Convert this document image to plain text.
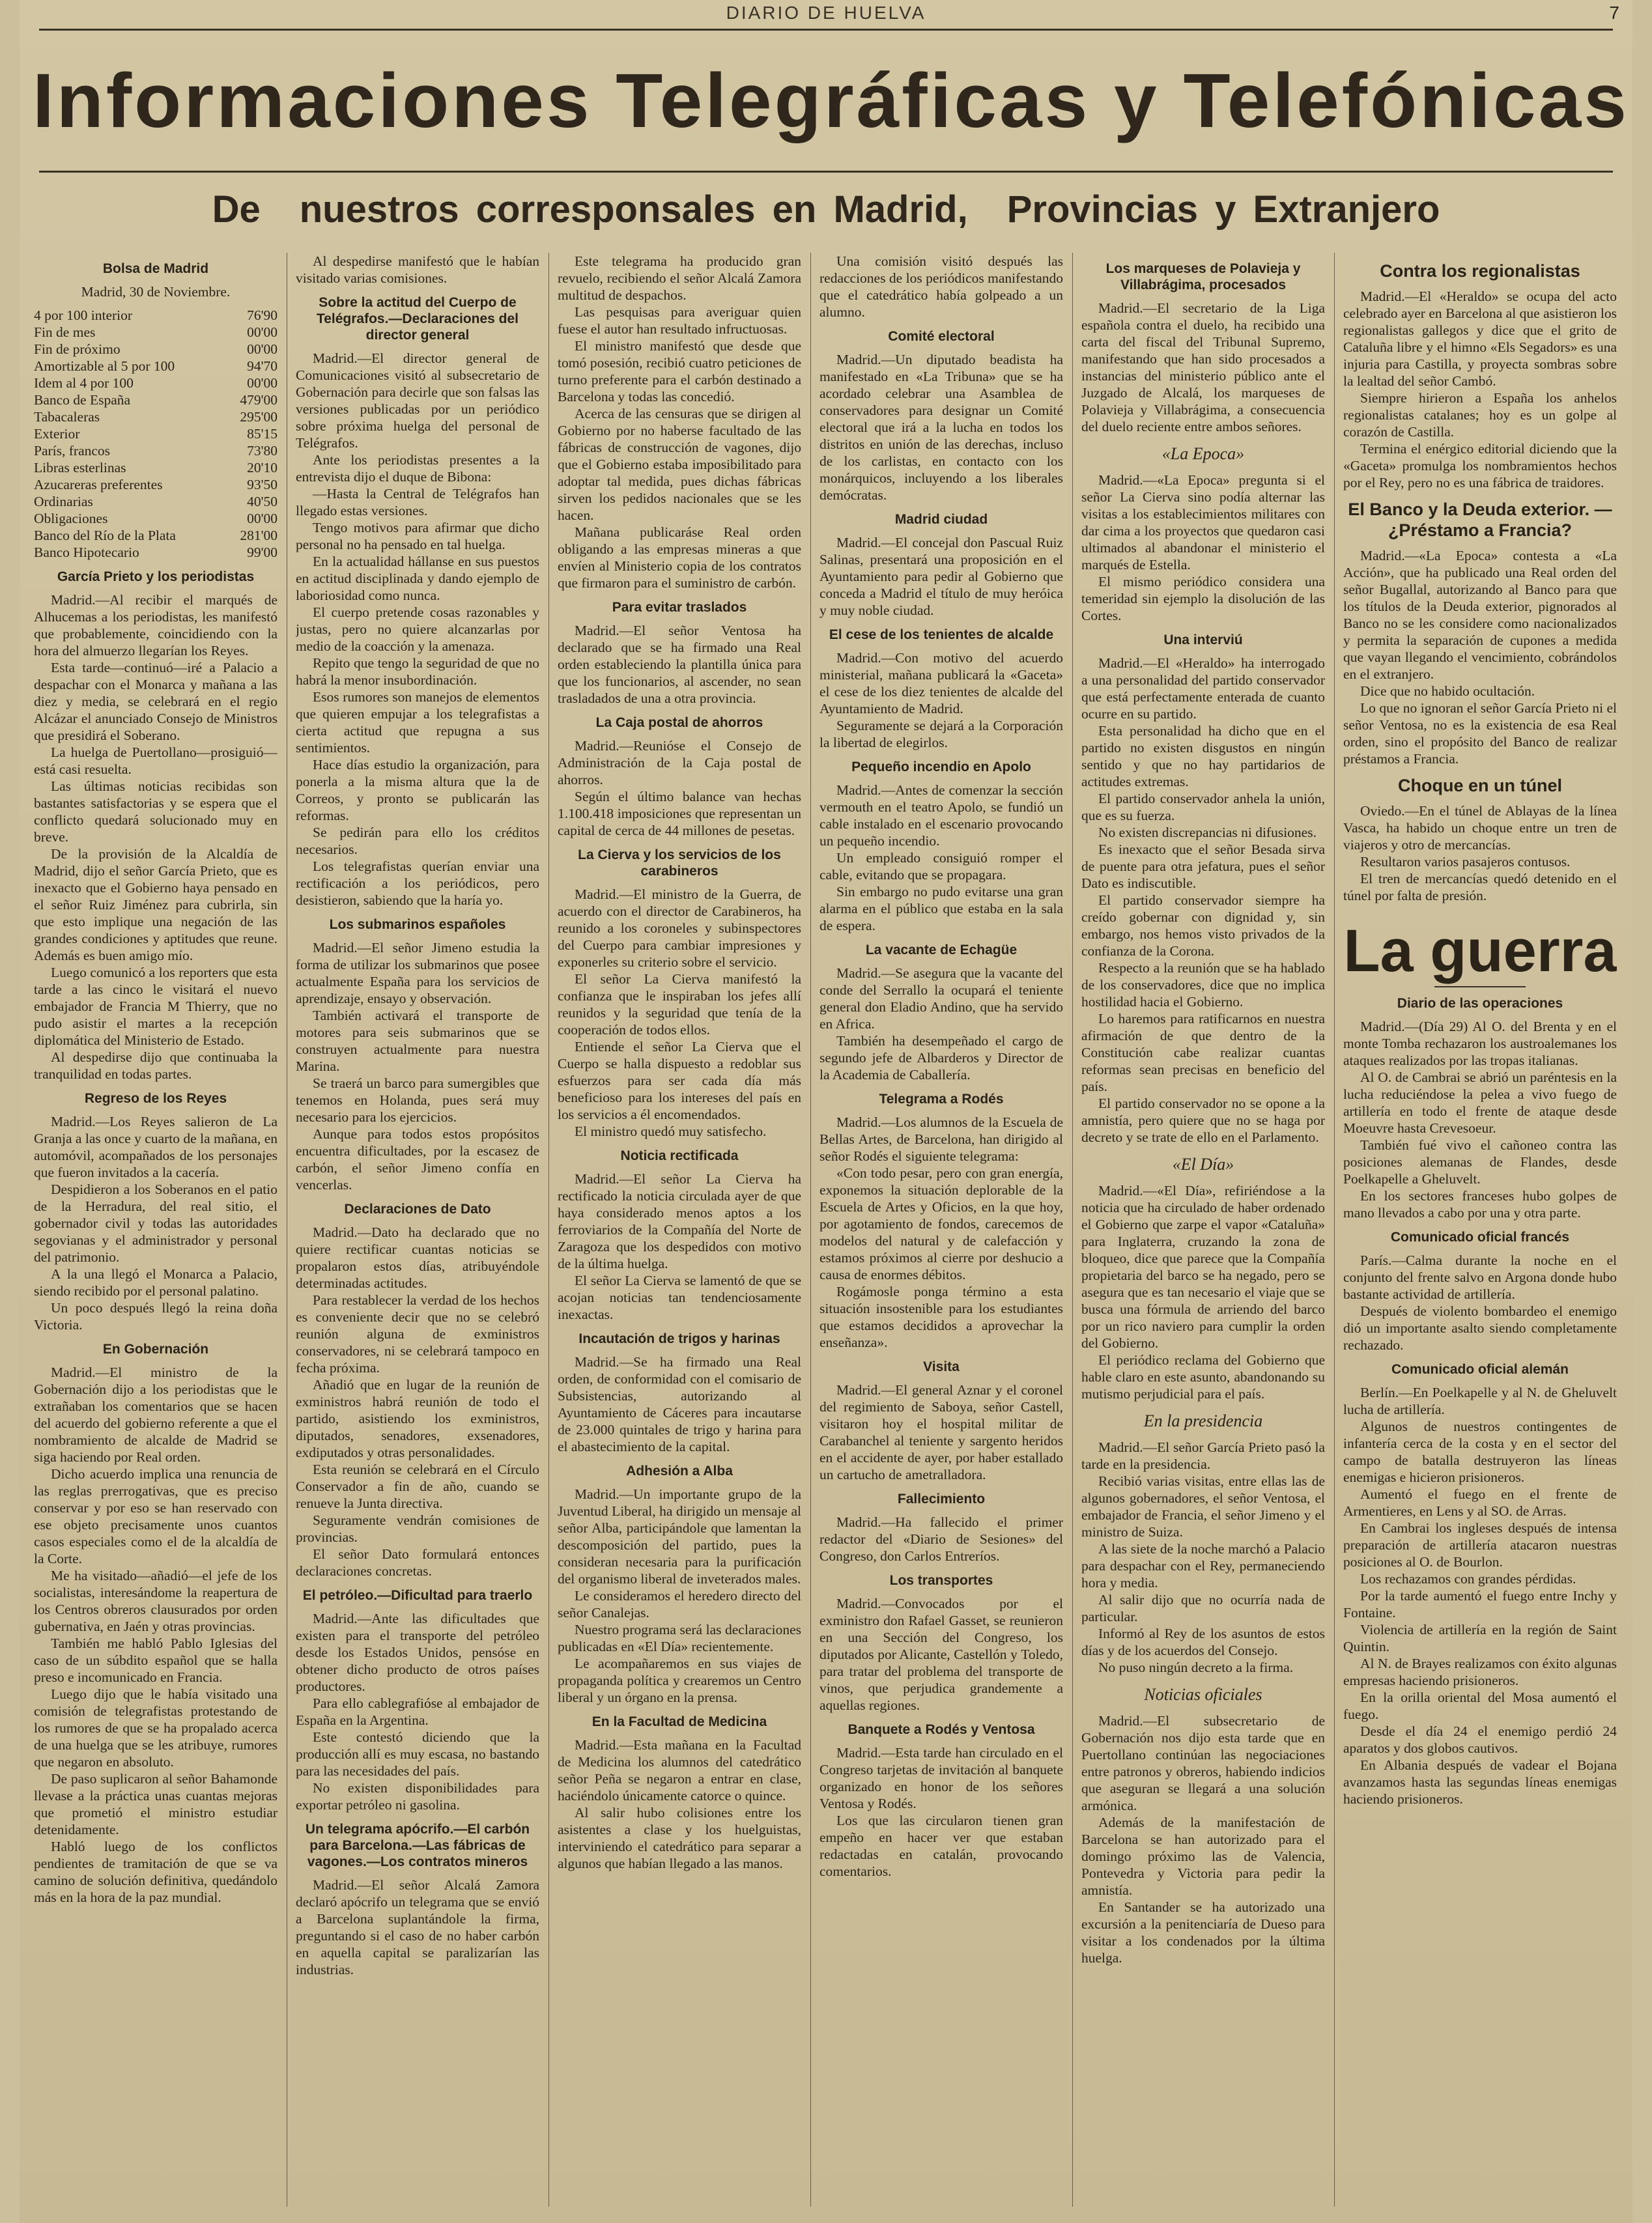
DIARIO DE HUELVA	7
Informaciones Telegráficas y Telefónicas
De nuestros corresponsales en Madrid, Provincias y Extranjero
Bolsa de Madrid
Madrid, 30 de Noviembre.
4 por 100 interior	76'90
Fin de mes	00'00
Fin de próximo	00'00
Amortizable al 5 por 100	94'70
Idem al 4 por 100	00'00
Banco de España	479'00
Tabacaleras	295'00
Exterior	85'15
París, francos	73'80
Libras esterlinas	20'10
Azucareras preferentes	93'50
Ordinarias	40'50
Obligaciones	00'00
Banco del Río de la Plata	281'00
Banco Hipotecario	99'00
García Prieto y los periodistas

Madrid.—Al recibir el marqués de Alhucemas a los periodistas, les manifestó que probablemente, coincidiendo con la hora del almuerzo llegarían los Reyes.

Esta tarde—continuó—iré a Palacio a despachar con el Monarca y mañana a las diez y media, se celebrará en el regio Alcázar el anunciado Consejo de Ministros que presidirá el Soberano.

La huelga de Puertollano—prosiguió—está casi resuelta.

Las últimas noticias recibidas son bastantes satisfactorias y se espera que el conflicto quedará solucionado muy en breve.

De la provisión de la Alcaldía de Madrid, dijo el señor García Prieto, que es inexacto que el Gobierno haya pensado en el señor Ruiz Jiménez para cubrirla, sin que esto implique una negación de las grandes condiciones y aptitudes que reune. Además es buen amigo mío.

Luego comunicó a los reporters que esta tarde a las cinco le visitará el nuevo embajador de Francia M Thierry, que no pudo asistir el martes a la recepción diplomática del Ministerio de Estado.

Al despedirse dijo que continuaba la tranquilidad en todas partes.

Regreso de los Reyes

Madrid.—Los Reyes salieron de La Granja a las once y cuarto de la mañana, en automóvil, acompañados de los personajes que fueron invitados a la cacería.

Despidieron a los Soberanos en el patio de la Herradura, del real sitio, el gobernador civil y todas las autoridades segovianas y el administrador y personal del patrimonio.

A la una llegó el Monarca a Palacio, siendo recibido por el personal palatino.

Un poco después llegó la reina doña Victoria.

En Gobernación

Madrid.—El ministro de la Gobernación dijo a los periodistas que le extrañaban los comentarios que se hacen del acuerdo del gobierno referente a que el nombramiento de alcalde de Madrid se siga haciendo por Real orden.

Dicho acuerdo implica una renuncia de las reglas prerrogativas, que es preciso conservar y por eso se han reservado con ese objeto precisamente unos cuantos casos especiales como el de la alcaldía de la Corte.

Me ha visitado—añadió—el jefe de los socialistas, interesándome la reapertura de los Centros obreros clausurados por orden gubernativa, en Jaén y otras provincias.

También me habló Pablo Iglesias del caso de un súbdito español que se halla preso e incomunicado en Francia.

Luego dijo que le había visitado una comisión de telegrafistas protestando de los rumores de que se ha propalado acerca de una huelga que se les atribuye, rumores que negaron en absoluto.

De paso suplicaron al señor Bahamonde llevase a la práctica unas cuantas mejoras que prometió el ministro estudiar detenidamente.

Habló luego de los conflictos pendientes de tramitación de que se va camino de solución definitiva, quedándolo más en la hora de la paz mundial.

Al despedirse manifestó que le habían visitado varias comisiones.

Sobre la actitud del Cuerpo de Telégrafos.—Declaraciones del director general

Madrid.—El director general de Comunicaciones visitó al subsecretario de Gobernación para decirle que son falsas las versiones publicadas por un periódico sobre próxima huelga del personal de Telégrafos.

Ante los periodistas presentes a la entrevista dijo el duque de Bibona:

—Hasta la Central de Telégrafos han llegado estas versiones.

Tengo motivos para afirmar que dicho personal no ha pensado en tal huelga.

En la actualidad hállanse en sus puestos en actitud disciplinada y dando ejemplo de laboriosidad como nunca.

El cuerpo pretende cosas razonables y justas, pero no quiere alcanzarlas por medio de la coacción y la amenaza.

Repito que tengo la seguridad de que no habrá la menor insubordinación.

Esos rumores son manejos de elementos que quieren empujar a los telegrafistas a cierta actitud que repugna a sus sentimientos.

Hace días estudio la organización, para ponerla a la misma altura que la de Correos, y pronto se publicarán las reformas.

Se pedirán para ello los créditos necesarios.

Los telegrafistas querían enviar una rectificación a los periódicos, pero desistieron, sabiendo que la haría yo.

Los submarinos españoles

Madrid.—El señor Jimeno estudia la forma de utilizar los submarinos que posee actualmente España para los servicios de aprendizaje, ensayo y observación.

También activará el transporte de motores para seis submarinos que se construyen actualmente para nuestra Marina.

Se traerá un barco para sumergibles que tenemos en Holanda, pues será muy necesario para los ejercicios.

Aunque para todos estos propósitos encuentra dificultades, por la escasez de carbón, el señor Jimeno confía en vencerlas.

Declaraciones de Dato

Madrid.—Dato ha declarado que no quiere rectificar cuantas noticias se propalaron estos días, atribuyéndole determinadas actitudes.

Para restablecer la verdad de los hechos es conveniente decir que no se celebró reunión alguna de exministros conservadores, ni se celebrará tampoco en fecha próxima.

Añadió que en lugar de la reunión de exministros habrá reunión de todo el partido, asistiendo los exministros, diputados, senadores, exsenadores, exdiputados y otras personalidades.

Esta reunión se celebrará en el Círculo Conservador a fin de año, cuando se renueve la Junta directiva.

Seguramente vendrán comisiones de provincias.

El señor Dato formulará entonces declaraciones concretas.

El petróleo.—Dificultad para traerlo

Madrid.—Ante las dificultades que existen para el transporte del petróleo desde los Estados Unidos, pensóse en obtener dicho producto de otros países productores.

Para ello cablegrafióse al embajador de España en la Argentina.

Este contestó diciendo que la producción allí es muy escasa, no bastando para las necesidades del país.

No existen disponibilidades para exportar petróleo ni gasolina.

Un telegrama apócrifo.—El carbón para Barcelona.—Las fábricas de vagones.—Los contratos mineros

Madrid.—El señor Alcalá Zamora declaró apócrifo un telegrama que se envió a Barcelona suplantándole la firma, preguntando si el caso de no haber carbón en aquella capital se paralizarían las industrias.

Este telegrama ha producido gran revuelo, recibiendo el señor Alcalá Zamora multitud de despachos.

Las pesquisas para averiguar quien fuese el autor han resultado infructuosas.

El ministro manifestó que desde que tomó posesión, recibió cuatro peticiones de turno preferente para el carbón destinado a Barcelona y todas las concedió.

Acerca de las censuras que se dirigen al Gobierno por no haberse facultado de las fábricas de construcción de vagones, dijo que el Gobierno estaba imposibilitado para adoptar tal medida, pues dichas fábricas sirven los pedidos nacionales que se les hacen.

Mañana publicaráse Real orden obligando a las empresas mineras a que envíen al Ministerio copia de los contratos que firmaron para el suministro de carbón.

Para evitar traslados

Madrid.—El señor Ventosa ha declarado que se ha firmado una Real orden estableciendo la plantilla única para que los funcionarios, al ascender, no sean trasladados de una a otra provincia.

La Caja postal de ahorros

Madrid.—Reunióse el Consejo de Administración de la Caja postal de ahorros.

Según el último balance van hechas 1.100.418 imposiciones que representan un capital de cerca de 44 millones de pesetas.

La Cierva y los servicios de los carabineros

Madrid.—El ministro de la Guerra, de acuerdo con el director de Carabineros, ha reunido a los coroneles y subinspectores del Cuerpo para cambiar impresiones y exponerles su criterio sobre el servicio.

El señor La Cierva manifestó la confianza que le inspiraban los jefes allí reunidos y la seguridad que tenía de la cooperación de todos ellos.

Entiende el señor La Cierva que el Cuerpo se halla dispuesto a redoblar sus esfuerzos para ser cada día más beneficioso para los intereses del país en los servicios a él encomendados.

El ministro quedó muy satisfecho.

Noticia rectificada

Madrid.—El señor La Cierva ha rectificado la noticia circulada ayer de que haya considerado menos aptos a los ferroviarios de la Compañía del Norte de Zaragoza que los despedidos con motivo de la última huelga.

El señor La Cierva se lamentó de que se acojan noticias tan tendenciosamente inexactas.

Incautación de trigos y harinas

Madrid.—Se ha firmado una Real orden, de conformidad con el comisario de Subsistencias, autorizando al Ayuntamiento de Cáceres para incautarse de 23.000 quintales de trigo y harina para el abastecimiento de la capital.

Adhesión a Alba

Madrid.—Un importante grupo de la Juventud Liberal, ha dirigido un mensaje al señor Alba, participándole que lamentan la descomposición del partido, pues la consideran necesaria para la purificación del organismo liberal de inveterados males.

Le consideramos el heredero directo del señor Canalejas.

Nuestro programa será las declaraciones publicadas en «El Día» recientemente.

Le acompañaremos en sus viajes de propaganda política y crearemos un Centro liberal y un órgano en la prensa.

En la Facultad de Medicina

Madrid.—Esta mañana en la Facultad de Medicina los alumnos del catedrático señor Peña se negaron a entrar en clase, haciéndolo únicamente catorce o quince.

Al salir hubo colisiones entre los asistentes a clase y los huelguistas, interviniendo el catedrático para separar a algunos que habían llegado a las manos.

Una comisión visitó después las redacciones de los periódicos manifestando que el catedrático había golpeado a un alumno.

Comité electoral

Madrid.—Un diputado beadista ha manifestado en «La Tribuna» que se ha acordado celebrar una Asamblea de conservadores para designar un Comité electoral que irá a la lucha en todos los distritos en unión de las derechas, incluso de los carlistas, en contacto con los monárquicos, incluyendo a los liberales demócratas.

Madrid ciudad

Madrid.—El concejal don Pascual Ruiz Salinas, presentará una proposición en el Ayuntamiento para pedir al Gobierno que conceda a Madrid el título de muy heróica y muy noble ciudad.

El cese de los tenientes de alcalde

Madrid.—Con motivo del acuerdo ministerial, mañana publicará la «Gaceta» el cese de los diez tenientes de alcalde del Ayuntamiento de Madrid.

Seguramente se dejará a la Corporación la libertad de elegirlos.

Pequeño incendio en Apolo

Madrid.—Antes de comenzar la sección vermouth en el teatro Apolo, se fundió un cable instalado en el escenario provocando un pequeño incendio.

Un empleado consiguió romper el cable, evitando que se propagara.

Sin embargo no pudo evitarse una gran alarma en el público que estaba en la sala de espera.

La vacante de Echagüe

Madrid.—Se asegura que la vacante del conde del Serrallo la ocupará el teniente general don Eladio Andino, que ha servido en Africa.

También ha desempeñado el cargo de segundo jefe de Albarderos y Director de la Academia de Caballería.

Telegrama a Rodés

Madrid.—Los alumnos de la Escuela de Bellas Artes, de Barcelona, han dirigido al señor Rodés el siguiente telegrama:

«Con todo pesar, pero con gran energía, exponemos la situación deplorable de la Escuela de Artes y Oficios, en la que hoy, por agotamiento de fondos, carecemos de modelos del natural y de calefacción y estamos próximos al cierre por deshucio a causa de enormes débitos.

Rogámosle ponga término a esta situación insostenible para los estudiantes que estamos decididos a aprovechar la enseñanza».

Visita

Madrid.—El general Aznar y el coronel del regimiento de Saboya, señor Castell, visitaron hoy el hospital militar de Carabanchel al teniente y sargento heridos en el accidente de ayer, por haber estallado un cartucho de ametralladora.

Fallecimiento

Madrid.—Ha fallecido el primer redactor del «Diario de Sesiones» del Congreso, don Carlos Entreríos.

Los transportes

Madrid.—Convocados por el exministro don Rafael Gasset, se reunieron en una Sección del Congreso, los diputados por Alicante, Castellón y Toledo, para tratar del problema del transporte de vinos, que perjudica grandemente a aquellas regiones.

Banquete a Rodés y Ventosa

Madrid.—Esta tarde han circulado en el Congreso tarjetas de invitación al banquete organizado en honor de los señores Ventosa y Rodés.

Los que las circularon tienen gran empeño en hacer ver que estaban redactadas en catalán, provocando comentarios.

Los marqueses de Polavieja y Villabrágima, procesados

Madrid.—El secretario de la Liga española contra el duelo, ha recibido una carta del fiscal del Tribunal Supremo, manifestando que han sido procesados a instancias del ministerio público ante el Juzgado de Alcalá, los marqueses de Polavieja y Villabrágima, a consecuencia del duelo reciente entre ambos señores.

«La Epoca»

Madrid.—«La Epoca» pregunta si el señor La Cierva sino podía alternar las visitas a los establecimientos militares con dar cima a los proyectos que quedaron casi ultimados al abandonar el ministerio el marqués de Estella.

El mismo periódico considera una temeridad sin ejemplo la disolución de las Cortes.

Una interviú

Madrid.—El «Heraldo» ha interrogado a una personalidad del partido conservador que está perfectamente enterada de cuanto ocurre en su partido.

Esta personalidad ha dicho que en el partido no existen disgustos en ningún sentido y que no hay partidarios de actitudes extremas.

El partido conservador anhela la unión, que es su fuerza.

No existen discrepancias ni difusiones.

Es inexacto que el señor Besada sirva de puente para otra jefatura, pues el señor Dato es indiscutible.

El partido conservador siempre ha creído gobernar con dignidad y, sin embargo, nos hemos visto privados de la confianza de la Corona.

Respecto a la reunión que se ha hablado de los conservadores, dice que no implica hostilidad hacia el Gobierno.

Lo haremos para ratificarnos en nuestra afirmación de que dentro de la Constitución cabe realizar cuantas reformas sean precisas en beneficio del país.

El partido conservador no se opone a la amnistía, pero quiere que no se haga por decreto y se trate de ello en el Parlamento.

«El Día»

Madrid.—«El Día», refiriéndose a la noticia que ha circulado de haber ordenado el Gobierno que zarpe el vapor «Cataluña» para Inglaterra, cruzando la zona de bloqueo, dice que parece que la Compañía propietaria del barco se ha negado, pero se asegura que es tan necesario el viaje que se busca una fórmula de arriendo del barco por un rico naviero para cumplir la orden del Gobierno.

El periódico reclama del Gobierno que hable claro en este asunto, abandonando su mutismo perjudicial para el país.

En la presidencia

Madrid.—El señor García Prieto pasó la tarde en la presidencia.

Recibió varias visitas, entre ellas las de algunos gobernadores, el señor Ventosa, el embajador de Francia, el señor Jimeno y el ministro de Suiza.

A las siete de la noche marchó a Palacio para despachar con el Rey, permaneciendo hora y media.

Al salir dijo que no ocurría nada de particular.

Informó al Rey de los asuntos de estos días y de los acuerdos del Consejo.

No puso ningún decreto a la firma.

Noticias oficiales

Madrid.—El subsecretario de Gobernación nos dijo esta tarde que en Puertollano continúan las negociaciones entre patronos y obreros, habiendo indicios que aseguran se llegará a una solución armónica.

Además de la manifestación de Barcelona se han autorizado para el domingo próximo las de Valencia, Pontevedra y Victoria para pedir la amnistía.

En Santander se ha autorizado una excursión a la penitenciaría de Dueso para visitar a los condenados por la última huelga.

Contra los regionalistas

Madrid.—El «Heraldo» se ocupa del acto celebrado ayer en Barcelona al que asistieron los regionalistas gallegos y dice que el grito de Cataluña libre y el himno «Els Segadors» es una injuria para Castilla, y proyecta sombras sobre la lealtad del señor Cambó.

Siempre hirieron a España los anhelos regionalistas catalanes; hoy es un golpe al corazón de Castilla.

Termina el enérgico editorial diciendo que la «Gaceta» promulga los nombramientos hechos por el Rey, pero no es una fábrica de traidores.

El Banco y la Deuda exterior. —¿Préstamo a Francia?

Madrid.—«La Epoca» contesta a «La Acción», que ha publicado una Real orden del señor Bugallal, autorizando al Banco para que los títulos de la Deuda exterior, pignorados al Banco no se les considere como nacionalizados y permita la separación de cupones a medida que vayan llegando el vencimiento, cobrándolos en el extranjero.

Dice que no habido ocultación.

Lo que no ignoran el señor García Prieto ni el señor Ventosa, no es la existencia de esa Real orden, sino el propósito del Banco de realizar préstamos a Francia.

Choque en un túnel

Oviedo.—En el túnel de Ablayas de la línea Vasca, ha habido un choque entre un tren de viajeros y otro de mercancías.

Resultaron varios pasajeros contusos.

El tren de mercancías quedó detenido en el túnel por falta de presión.

La guerra
Diario de las operaciones

Madrid.—(Día 29) Al O. del Brenta y en el monte Tomba rechazaron los austroalemanes los ataques realizados por las tropas italianas.

Al O. de Cambrai se abrió un paréntesis en la lucha reduciéndose la pelea a vivo fuego de artillería en todo el frente de ataque desde Moeuvre hasta Crevesoeur.

También fué vivo el cañoneo contra las posiciones alemanas de Flandes, desde Poelkapelle a Gheluvelt.

En los sectores franceses hubo golpes de mano llevados a cabo por una y otra parte.

Comunicado oficial francés

París.—Calma durante la noche en el conjunto del frente salvo en Argona donde hubo bastante actividad de artillería.

Después de violento bombardeo el enemigo dió un importante asalto siendo completamente rechazado.

Comunicado oficial alemán

Berlín.—En Poelkapelle y al N. de Gheluvelt lucha de artillería.

Algunos de nuestros contingentes de infantería cerca de la costa y en el sector del campo de batalla destruyeron las líneas enemigas e hicieron prisioneros.

Aumentó el fuego en el frente de Armentieres, en Lens y al SO. de Arras.

En Cambrai los ingleses después de intensa preparación de artillería atacaron nuestras posiciones al O. de Bourlon.

Los rechazamos con grandes pérdidas.

Por la tarde aumentó el fuego entre Inchy y Fontaine.

Violencia de artillería en la región de Saint Quintin.

Al N. de Brayes realizamos con éxito algunas empresas haciendo prisioneros.

En la orilla oriental del Mosa aumentó el fuego.

Desde el día 24 el enemigo perdió 24 aparatos y dos globos cautivos.

En Albania después de vadear el Bojana avanzamos hasta las segundas líneas enemigas haciendo prisioneros.
